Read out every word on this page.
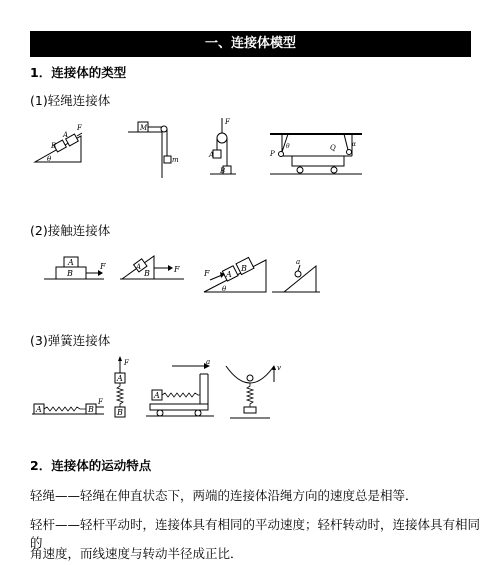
一、连接体模型
1．连接体的类型
(1)轻绳连接体
θ
B
A
F	M
m
F
A
B
P
θ	Q	α
(2)接触连接体
A
B
F	A
B	F
A
B
F
θ
a
(3)弹簧连接体
A	B
F
F
A
B
a
A
v
2．连接体的运动特点
轻绳——轻绳在伸直状态下，两端的连接体沿绳方向的速度总是相等．
轻杆——轻杆平动时，连接体具有相同的平动速度；轻杆转动时，连接体具有相同的
角速度，而线速度与转动半径成正比．
